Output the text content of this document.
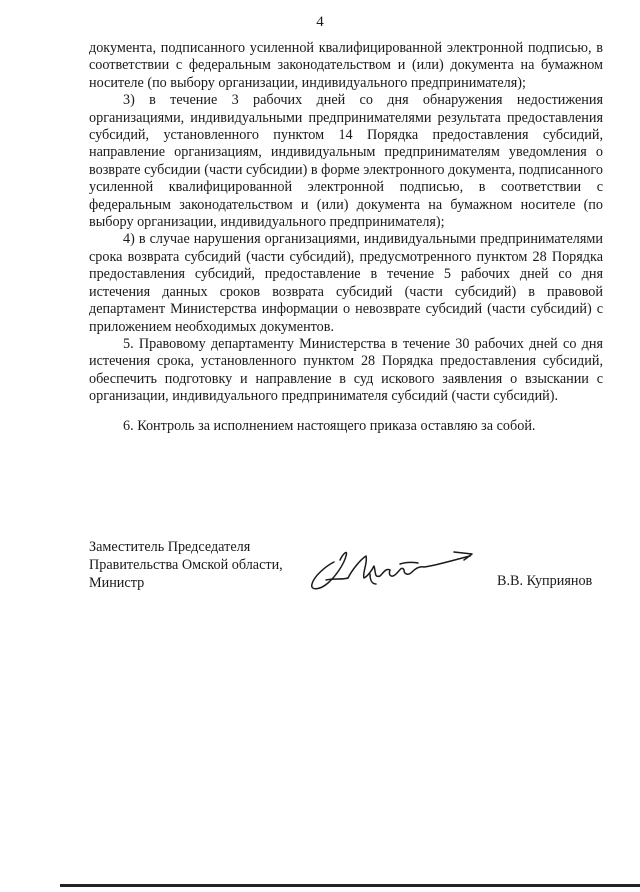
4

документа, подписанного усиленной квалифицированной электронной подписью, в соответствии с федеральным законодательством и (или) документа на бумажном носителе (по выбору организации, индивидуального предпринимателя);

3) в течение 3 рабочих дней со дня обнаружения недостижения организациями, индивидуальными предпринимателями результата предоставления субсидий, установленного пунктом 14 Порядка предоставления субсидий, направление организациям, индивидуальным предпринимателям уведомления о возврате субсидии (части субсидии) в форме электронного документа, подписанного усиленной квалифицированной электронной подписью, в соответствии с федеральным законодательством и (или) документа на бумажном носителе (по выбору организации, индивидуального предпринимателя);

4) в случае нарушения организациями, индивидуальными предпринимателями срока возврата субсидий (части субсидий), предусмотренного пунктом 28 Порядка предоставления субсидий, предоставление в течение 5 рабочих дней со дня истечения данных сроков возврата субсидий (части субсидий) в правовой департамент Министерства информации о невозврате субсидий (части субсидий) с приложением необходимых документов.

5. Правовому департаменту Министерства в течение 30 рабочих дней со дня истечения срока, установленного пунктом 28 Порядка предоставления субсидий, обеспечить подготовку и направление в суд искового заявления о взыскании с организации, индивидуального предпринимателя субсидий (части субсидий).

6. Контроль за исполнением настоящего приказа оставляю за собой.

Заместитель Председателя
Правительства Омской области,
Министр	В.В. Куприянов
